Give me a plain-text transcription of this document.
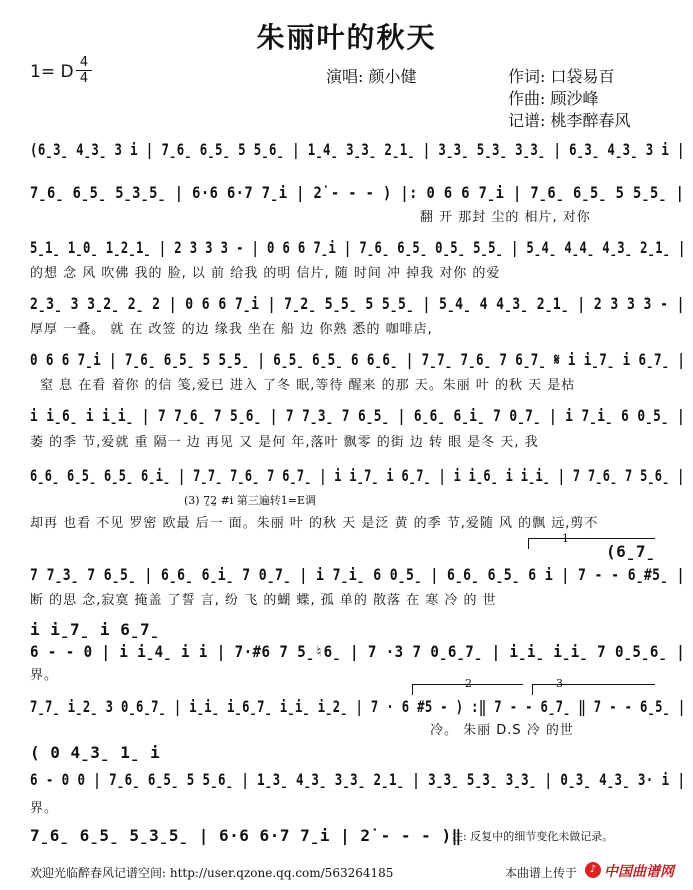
朱丽叶的秋天
1= D 4
4	演唱: 颜小健	作词: 口袋易百
作曲: 顾沙峰
记谱: 桃李醉春风
(6̱3̱ 4̱3̱ 3 i | 7̱6̱ 6̱5̱ 5 5̱6̱ | 1̱4̱ 3̱3̱ 2̱1̱ | 3̱3̱ 5̱3̱ 3̱3̱ | 6̱3̱ 4̱3̱ 3 i |
7̱6̱ 6̱5̱ 5̱3̱5̱ | 6·6 6·7 7̱i | 2̇ - - - ) |: 0 6 6 7̱i | 7̱6̱ 6̱5̱ 5 5̱5̱ |
翻 开 那封 尘的 相片, 对你
5̱1̱ 1̱0̱ 1̱2̱1̱ | 2 3 3 3 - | 0 6 6 7̱i | 7̱6̱ 6̱5̱ 0̱5̱ 5̱5̱ | 5̱4̱ 4̱4̱ 4̱3̱ 2̱1̱ |
的想 念 风 吹佛 我的 脸, 以 前 给我 的明 信片, 随 时间 冲 掉我 对你 的爱
2̱3̱ 3 3̱2̱ 2̱ 2 | 0 6 6 7̱i | 7̱2̱ 5̱5̱ 5 5̱5̱ | 5̱4̱ 4 4̱3̱ 2̱1̱ | 2 3 3 3 - |
厚厚 一叠。 就 在 改签 的边 缘我 坐在 船 边 你熟 悉的 咖啡店,
0 6 6 7̱i | 7̱6̱ 6̱5̱ 5 5̱5̱ | 6̱5̱ 6̱5̱ 6 6̱6̱ | 7̱7̱ 7̱6̱ 7 6̱7̱ 𝄋 i i̱7̱ i 6̱7̱ |
窒 息 在看 着你 的信 笺,爱已 进入 了冬 眠,等待 醒来 的那 天。朱丽 叶 的秋 天 是枯
i i̱6̱ i i̱i̱ | 7 7̱6̱ 7 5̱6̱ | 7 7̱3̱ 7 6̱5̱ | 6̱6̱ 6̱i̱ 7 0̱7̱ | i 7̱i̱ 6 0̱5̱ |
萎 的季 节,爱就 重 隔一 边 再见 又 是何 年,落叶 飘零 的街 边 转 眼 是冬 天, 我
6̱6̱ 6̱5̱ 6̱5̱ 6̱i̱ | 7̱7̱ 7̱6̱ 7 6̱7̱ | i i̱7̱ i 6̱7̱ | i i̱6̱ i i̱i̱ | 7 7̱6̱ 7 5̱6̱ |
(3) 7̱2̱ #i 第三遍转1=E调
却再 也看 不见 罗密 欧最 后一 面。朱丽 叶 的秋 天 是泛 黄 的季 节,爱随 风 的飘 远,剪不
1
(6̱7̱
7 7̱3̱ 7 6̱5̱ | 6̱6̱ 6̱i̱ 7 0̱7̱ | i 7̱i̱ 6 0̱5̱ | 6̱6̱ 6̱5̱ 6 i | 7 - - 6̱#5̱ |
断 的思 念,寂寞 掩盖 了誓 言, 纷 飞 的蝴 蝶, 孤 单的 散落 在 寒 冷 的 世
i i̱7̱ i 6̱7̱
6 - - 0 | i i̱4̱ i i | 7·#6 7 5̱♮6̱ | 7 ·3 7 0̱6̱7̱ | i̱i̱ i̱i̱ 7 0̱5̱6̱ |
界。
2	3
7̱7̱ i̱2̱ 3 0̱6̱7̱ | i̱i̱ i̱6̱7̱ i̱i̱ i̱2̱ | 7 · 6 #5 - ) :‖ 7 - - 6̱7̱ ‖ 7 - - 6̱5̱ |
冷。 朱丽 D.S 冷 的世
( 0 4̱3̱ 1̱ i
6 - 0 0 | 7̱6̱ 6̱5̱ 5 5̱6̱ | 1̱3̱ 4̱3̱ 3̱3̱ 2̱1̱ | 3̱3̱ 5̱3̱ 3̱3̱ | 0̱3̱ 4̱3̱ 3· i |
界。
7̱6̱ 6̱5̱ 5̱3̱5̱ | 6·6 6·7 7̱i | 2̇ - - - )‖
注: 反复中的细节变化未做记录。
欢迎光临醉春风记谱空间: http://user.qzone.qq.com/563264185	本曲谱上传于	♪ 中国曲谱网
